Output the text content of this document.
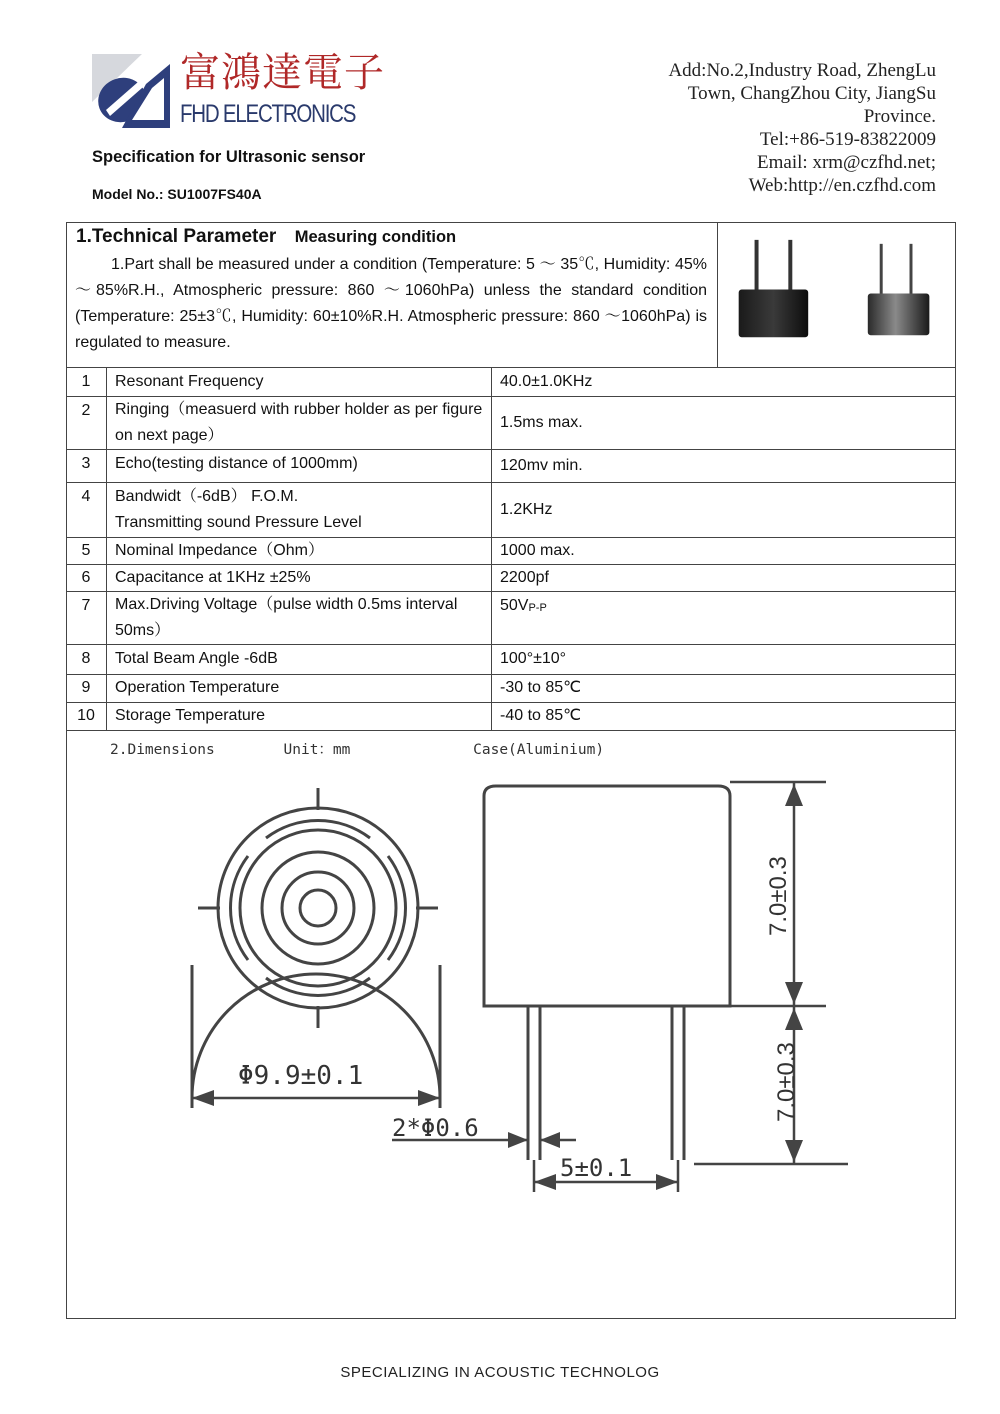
富鴻達電子
FHD ELECTRONICS
Specification for Ultrasonic sensor
Model No.: SU1007FS40A
Add:No.2,Industry Road, ZhengLu
Town, ChangZhou City, JiangSu
Province.
Tel:+86-519-83822009
Email: xrm@czfhd.net;
Web:http://en.czfhd.com
1.Technical Parameter Measuring condition
1.Part shall be measured under a condition (Temperature: 5 ～ 35℃, Humidity: 45%～85%R.H., Atmospheric pressure: 860 ～1060hPa) unless the standard condition (Temperature: 25±3℃, Humidity: 60±10%R.H. Atmospheric pressure: 860 ～1060hPa) is regulated to measure.
1	Resonant Frequency	40.0±1.0KHz
2	Ringing（measuerd with rubber holder as per figure on next page）	1.5ms max.
3	Echo(testing distance of 1000mm)	120mv min.
4	Bandwidt（-6dB） F.O.M.
Transmitting sound Pressure Level	1.2KHz
5	Nominal Impedance（Ohm）	1000 max.
6	Capacitance at 1KHz ±25%	2200pf
7	Max.Driving Voltage（pulse width 0.5ms interval 50ms）	$50V_{P-P}$
8	Total Beam Angle -6dB	100°±10°
9	Operation Temperature	-30 to 85℃
10	Storage Temperature	-40 to 85℃
2.Dimensions	Unit：mm	Case(Aluminium)
Φ9.9±0.1
2*Φ0.6
5±0.1
7.0±0.3
7.0±0.3
SPECIALIZING IN ACOUSTIC TECHNOLOG
